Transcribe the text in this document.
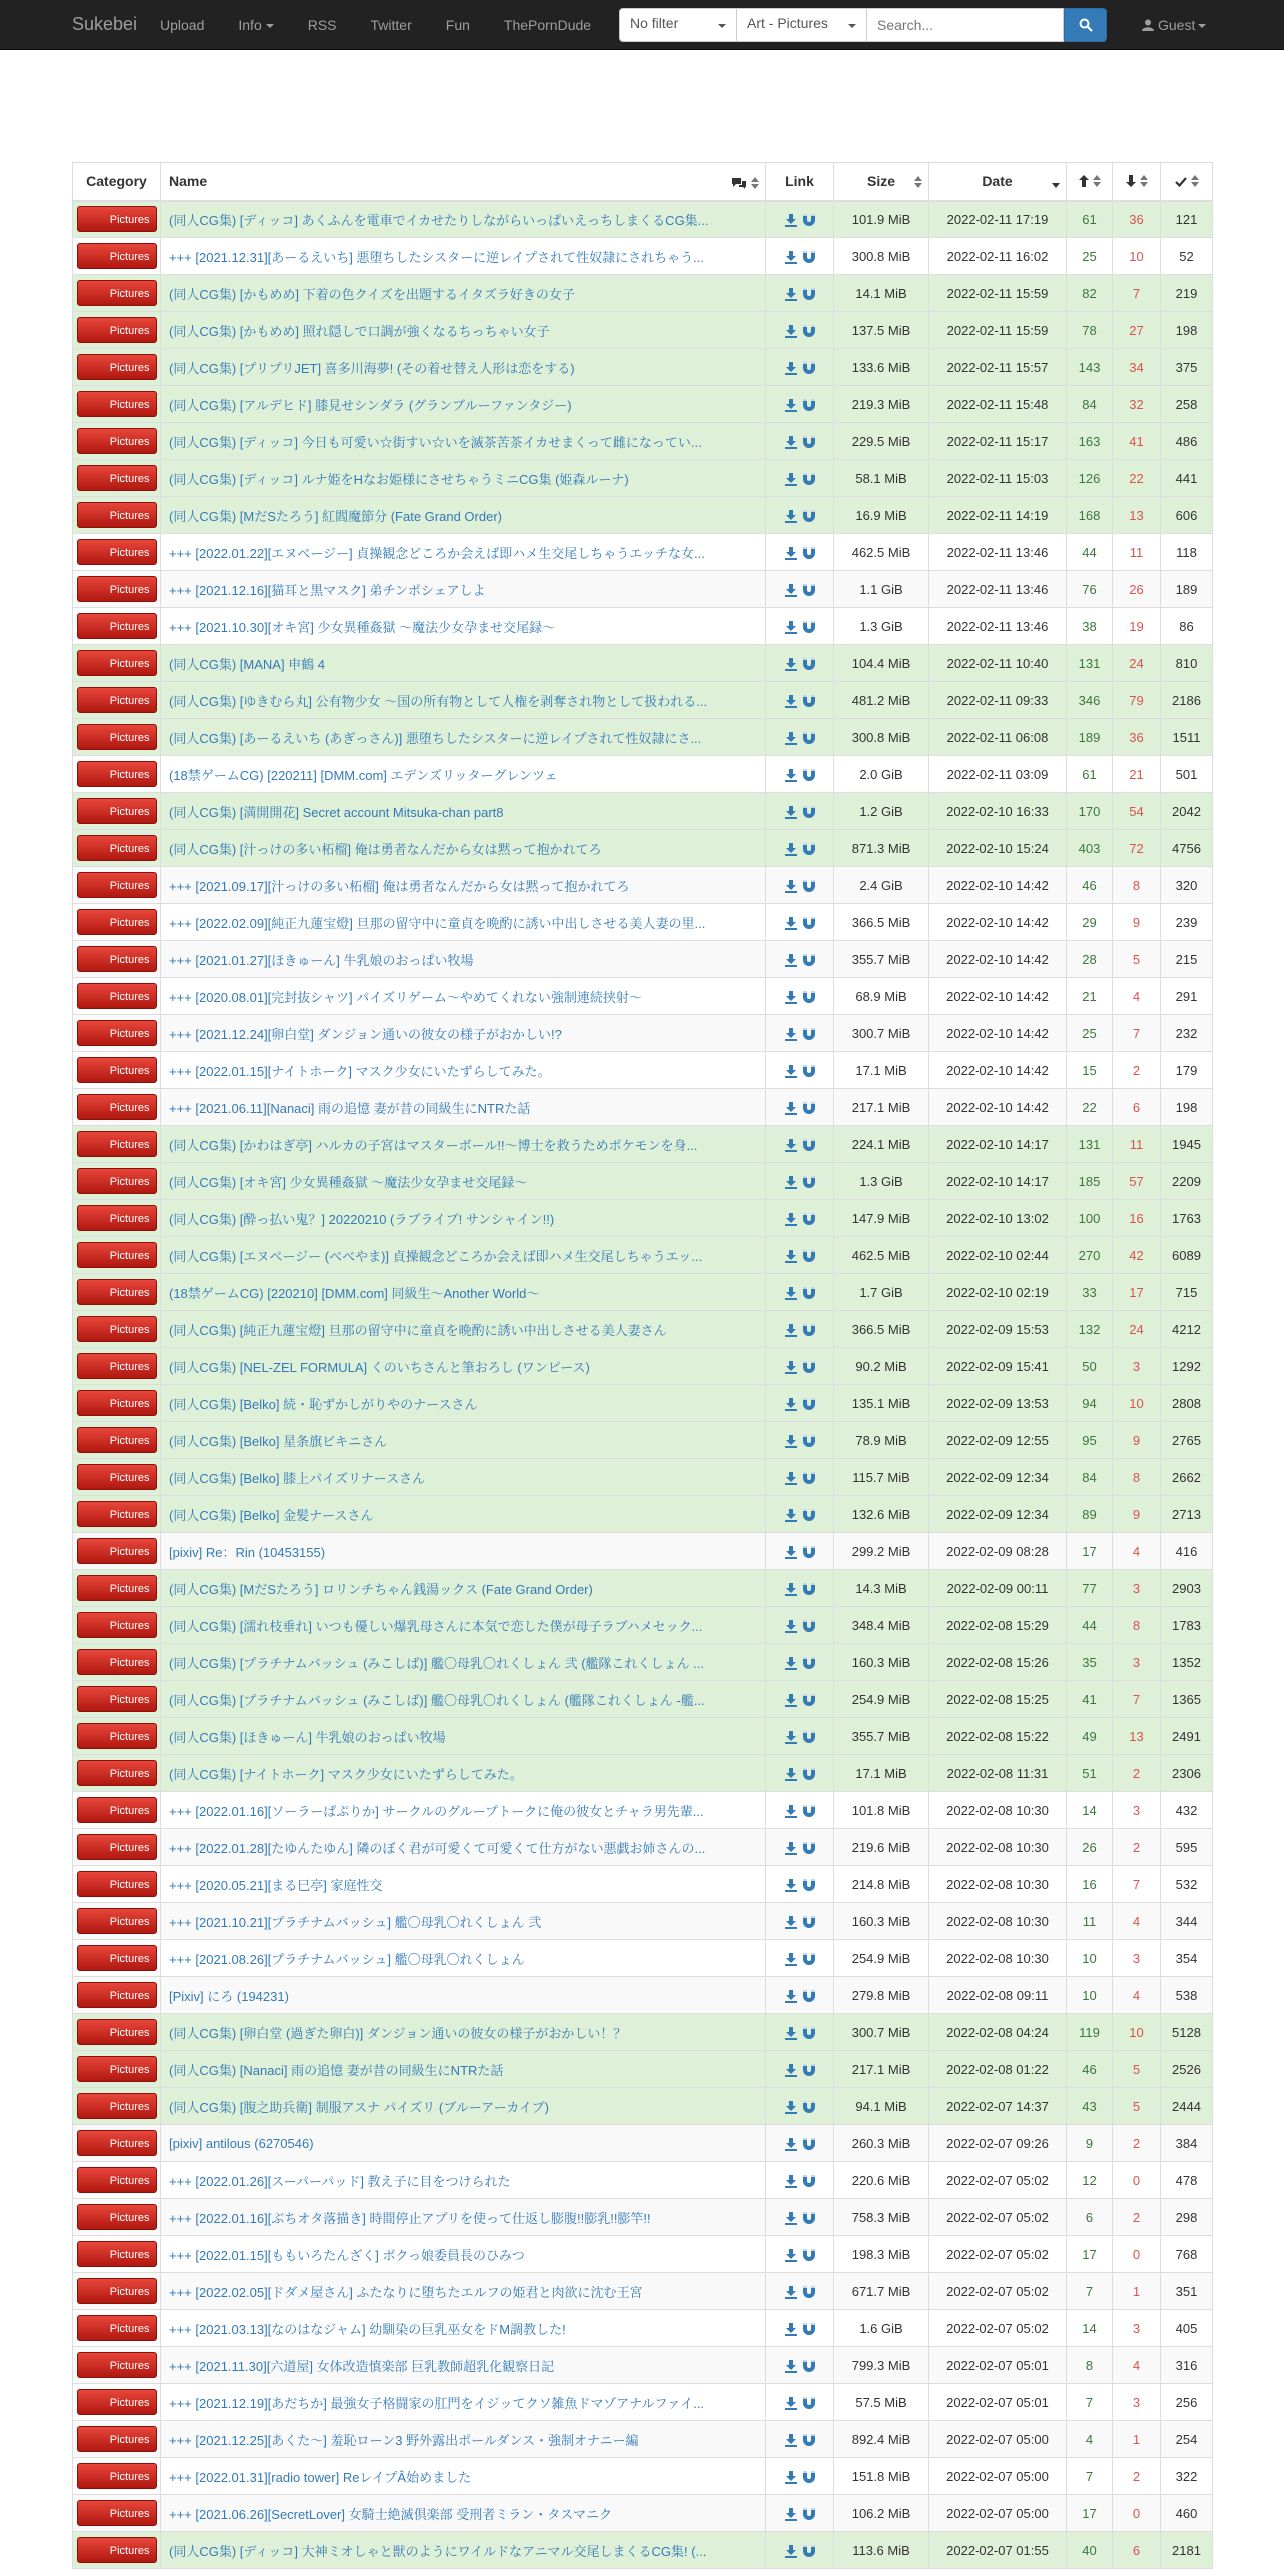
Sukebei	Upload Info	RSS Twitter Fun ThePornDude	No filter	Art - Pictures
Search...	Guest
Category	Name	Link	Size	Date

Pictures	(同人CG集) [ディッコ] あくふんを電車でイカせたりしながらいっぱいえっちしまくるCG集...		101.9 MiB	2022-02-11 17:19	61	36	121
Pictures	+++ [2021.12.31][あーるえいち] 悪堕ちしたシスターに逆レイプされて性奴隷にされちゃう...		300.8 MiB	2022-02-11 16:02	25	10	52
Pictures	(同人CG集) [かもめめ] 下着の色クイズを出題するイタズラ好きの女子		14.1 MiB	2022-02-11 15:59	82	7	219
Pictures	(同人CG集) [かもめめ] 照れ隠しで口調が強くなるちっちゃい女子		137.5 MiB	2022-02-11 15:59	78	27	198
Pictures	(同人CG集) [プリプリJET] 喜多川海夢! (その着せ替え人形は恋をする)		133.6 MiB	2022-02-11 15:57	143	34	375
Pictures	(同人CG集) [アルデヒド] 膝見せシンダラ (グランブルーファンタジー)		219.3 MiB	2022-02-11 15:48	84	32	258
Pictures	(同人CG集) [ディッコ] 今日も可愛い☆街すい☆いを滅茶苦茶イカせまくって雌になってい...		229.5 MiB	2022-02-11 15:17	163	41	486
Pictures	(同人CG集) [ディッコ] ルナ姫をHなお姫様にさせちゃうミニCG集 (姫森ルーナ)		58.1 MiB	2022-02-11 15:03	126	22	441
Pictures	(同人CG集) [MだSたろう] 紅閻魔節分 (Fate Grand Order)		16.9 MiB	2022-02-11 14:19	168	13	606
Pictures	+++ [2022.01.22][エヌベージー] 貞操観念どころか会えば即ハメ生交尾しちゃうエッチな女...		462.5 MiB	2022-02-11 13:46	44	11	118
Pictures	+++ [2021.12.16][猫耳と黒マスク] 弟チンポシェアしよ		1.1 GiB	2022-02-11 13:46	76	26	189
Pictures	+++ [2021.10.30][オキ宮] 少女異種姦獄 ～魔法少女孕ませ交尾録～		1.3 GiB	2022-02-11 13:46	38	19	86
Pictures	(同人CG集) [MANA] 申鶴 4		104.4 MiB	2022-02-11 10:40	131	24	810
Pictures	(同人CG集) [ゆきむら丸] 公有物少女 ～国の所有物として人権を剥奪され物として扱われる...		481.2 MiB	2022-02-11 09:33	346	79	2186
Pictures	(同人CG集) [あーるえいち (あぎっさん)] 悪堕ちしたシスターに逆レイプされて性奴隷にさ...		300.8 MiB	2022-02-11 06:08	189	36	1511
Pictures	(18禁ゲームCG) [220211] [DMM.com] エデンズリッターグレンツェ		2.0 GiB	2022-02-11 03:09	61	21	501
Pictures	(同人CG集) [満開開花] Secret account Mitsuka-chan part8		1.2 GiB	2022-02-10 16:33	170	54	2042
Pictures	(同人CG集) [汁っけの多い柘榴] 俺は勇者なんだから女は黙って抱かれてろ		871.3 MiB	2022-02-10 15:24	403	72	4756
Pictures	+++ [2021.09.17][汁っけの多い柘榴] 俺は勇者なんだから女は黙って抱かれてろ		2.4 GiB	2022-02-10 14:42	46	8	320
Pictures	+++ [2022.02.09][純正九蓮宝燈] 旦那の留守中に童貞を晩酌に誘い中出しさせる美人妻の里...		366.5 MiB	2022-02-10 14:42	29	9	239
Pictures	+++ [2021.01.27][ほきゅーん] 牛乳娘のおっぱい牧場		355.7 MiB	2022-02-10 14:42	28	5	215
Pictures	+++ [2020.08.01][完封抜シャツ] パイズリゲーム～やめてくれない強制連続挟射～		68.9 MiB	2022-02-10 14:42	21	4	291
Pictures	+++ [2021.12.24][卵白堂] ダンジョン通いの彼女の様子がおかしい!?		300.7 MiB	2022-02-10 14:42	25	7	232
Pictures	+++ [2022.01.15][ナイトホーク] マスク少女にいたずらしてみた。		17.1 MiB	2022-02-10 14:42	15	2	179
Pictures	+++ [2021.06.11][Nanaci] 雨の追憶 妻が昔の同級生にNTRた話		217.1 MiB	2022-02-10 14:42	22	6	198
Pictures	(同人CG集) [かわはぎ亭] ハルカの子宮はマスターボール!!～博士を救うためポケモンを身...		224.1 MiB	2022-02-10 14:17	131	11	1945
Pictures	(同人CG集) [オキ宮] 少女異種姦獄 ～魔法少女孕ませ交尾録～		1.3 GiB	2022-02-10 14:17	185	57	2209
Pictures	(同人CG集) [酔っ払い鬼？] 20220210 (ラブライブ! サンシャイン!!)		147.9 MiB	2022-02-10 13:02	100	16	1763
Pictures	(同人CG集) [エヌベージー (べべやま)] 貞操観念どころか会えば即ハメ生交尾しちゃうエッ...		462.5 MiB	2022-02-10 02:44	270	42	6089
Pictures	(18禁ゲームCG) [220210] [DMM.com] 同級生～Another World～		1.7 GiB	2022-02-10 02:19	33	17	715
Pictures	(同人CG集) [純正九蓮宝燈] 旦那の留守中に童貞を晩酌に誘い中出しさせる美人妻さん		366.5 MiB	2022-02-09 15:53	132	24	4212
Pictures	(同人CG集) [NEL-ZEL FORMULA] くのいちさんと筆おろし (ワンピース)		90.2 MiB	2022-02-09 15:41	50	3	1292
Pictures	(同人CG集) [Belko] 続・恥ずかしがりやのナースさん		135.1 MiB	2022-02-09 13:53	94	10	2808
Pictures	(同人CG集) [Belko] 星条旗ビキニさん		78.9 MiB	2022-02-09 12:55	95	9	2765
Pictures	(同人CG集) [Belko] 膝上パイズリナースさん		115.7 MiB	2022-02-09 12:34	84	8	2662
Pictures	(同人CG集) [Belko] 金髪ナースさん		132.6 MiB	2022-02-09 12:34	89	9	2713
Pictures	[pixiv] Re：Rin (10453155)		299.2 MiB	2022-02-09 08:28	17	4	416
Pictures	(同人CG集) [MだSたろう] ロリンチちゃん銭湯ックス (Fate Grand Order)		14.3 MiB	2022-02-09 00:11	77	3	2903
Pictures	(同人CG集) [濡れ枝垂れ] いつも優しい爆乳母さんに本気で恋した僕が母子ラブハメセック...		348.4 MiB	2022-02-08 15:29	44	8	1783
Pictures	(同人CG集) [プラチナムバッシュ (みこしば)] 艦〇母乳〇れくしょん 弐 (艦隊これくしょん ...		160.3 MiB	2022-02-08 15:26	35	3	1352
Pictures	(同人CG集) [プラチナムバッシュ (みこしば)] 艦〇母乳〇れくしょん (艦隊これくしょん -艦...		254.9 MiB	2022-02-08 15:25	41	7	1365
Pictures	(同人CG集) [ほきゅーん] 牛乳娘のおっぱい牧場		355.7 MiB	2022-02-08 15:22	49	13	2491
Pictures	(同人CG集) [ナイトホーク] マスク少女にいたずらしてみた。		17.1 MiB	2022-02-08 11:31	51	2	2306
Pictures	+++ [2022.01.16][ソーラーぱぷりか] サークルのグループトークに俺の彼女とチャラ男先輩...		101.8 MiB	2022-02-08 10:30	14	3	432
Pictures	+++ [2022.01.28][たゆんたゆん] 隣のぼく君が可愛くて可愛くて仕方がない悪戯お姉さんの...		219.6 MiB	2022-02-08 10:30	26	2	595
Pictures	+++ [2020.05.21][まる巳亭] 家庭性交		214.8 MiB	2022-02-08 10:30	16	7	532
Pictures	+++ [2021.10.21][プラチナムバッシュ] 艦〇母乳〇れくしょん 弐		160.3 MiB	2022-02-08 10:30	11	4	344
Pictures	+++ [2021.08.26][プラチナムバッシュ] 艦〇母乳〇れくしょん		254.9 MiB	2022-02-08 10:30	10	3	354
Pictures	[Pixiv] にろ (194231)		279.8 MiB	2022-02-08 09:11	10	4	538
Pictures	(同人CG集) [卵白堂 (過ぎた卵白)] ダンジョン通いの彼女の様子がおかしい！？		300.7 MiB	2022-02-08 04:24	119	10	5128
Pictures	(同人CG集) [Nanaci] 雨の追憶 妻が昔の同級生にNTRた話		217.1 MiB	2022-02-08 01:22	46	5	2526
Pictures	(同人CG集) [腹之助兵衛] 制服アスナ パイズリ (ブルーアーカイブ)		94.1 MiB	2022-02-07 14:37	43	5	2444
Pictures	[pixiv] antilous (6270546)		260.3 MiB	2022-02-07 09:26	9	2	384
Pictures	+++ [2022.01.26][スーパーパッド] 教え子に目をつけられた		220.6 MiB	2022-02-07 05:02	12	0	478
Pictures	+++ [2022.01.16][ぶちオタ落描き] 時間停止アプリを使って仕返し膨腹!!膨乳!!膨竿!!		758.3 MiB	2022-02-07 05:02	6	2	298
Pictures	+++ [2022.01.15][ももいろたんざく] ボクっ娘委員長のひみつ		198.3 MiB	2022-02-07 05:02	17	0	768
Pictures	+++ [2022.02.05][ドダメ屋さん] ふたなりに堕ちたエルフの姫君と肉欲に沈む王宮		671.7 MiB	2022-02-07 05:02	7	1	351
Pictures	+++ [2021.03.13][なのはなジャム] 幼馴染の巨乳巫女をドM調教した!		1.6 GiB	2022-02-07 05:02	14	3	405
Pictures	+++ [2021.11.30][六道屋] 女体改造慎楽部 巨乳教師超乳化観察日記		799.3 MiB	2022-02-07 05:01	8	4	316
Pictures	+++ [2021.12.19][あだちか] 最強女子格闘家の肛門をイジッてクソ雑魚ドマゾアナルファイ...		57.5 MiB	2022-02-07 05:01	7	3	256
Pictures	+++ [2021.12.25][あくた～] 羞恥ローン3 野外露出ポールダンス・強制オナニー編		892.4 MiB	2022-02-07 05:00	4	1	254
Pictures	+++ [2022.01.31][radio tower] ReレイプÂ始めました		151.8 MiB	2022-02-07 05:00	7	2	322
Pictures	+++ [2021.06.26][SecretLover] 女騎士絶滅倶楽部 受刑者ミラン・タスマニク		106.2 MiB	2022-02-07 05:00	17	0	460
Pictures	(同人CG集) [ディッコ] 大神ミオしゃと獣のようにワイルドなアニマル交尾しまくるCG集! (...		113.6 MiB	2022-02-07 01:55	40	6	2181
